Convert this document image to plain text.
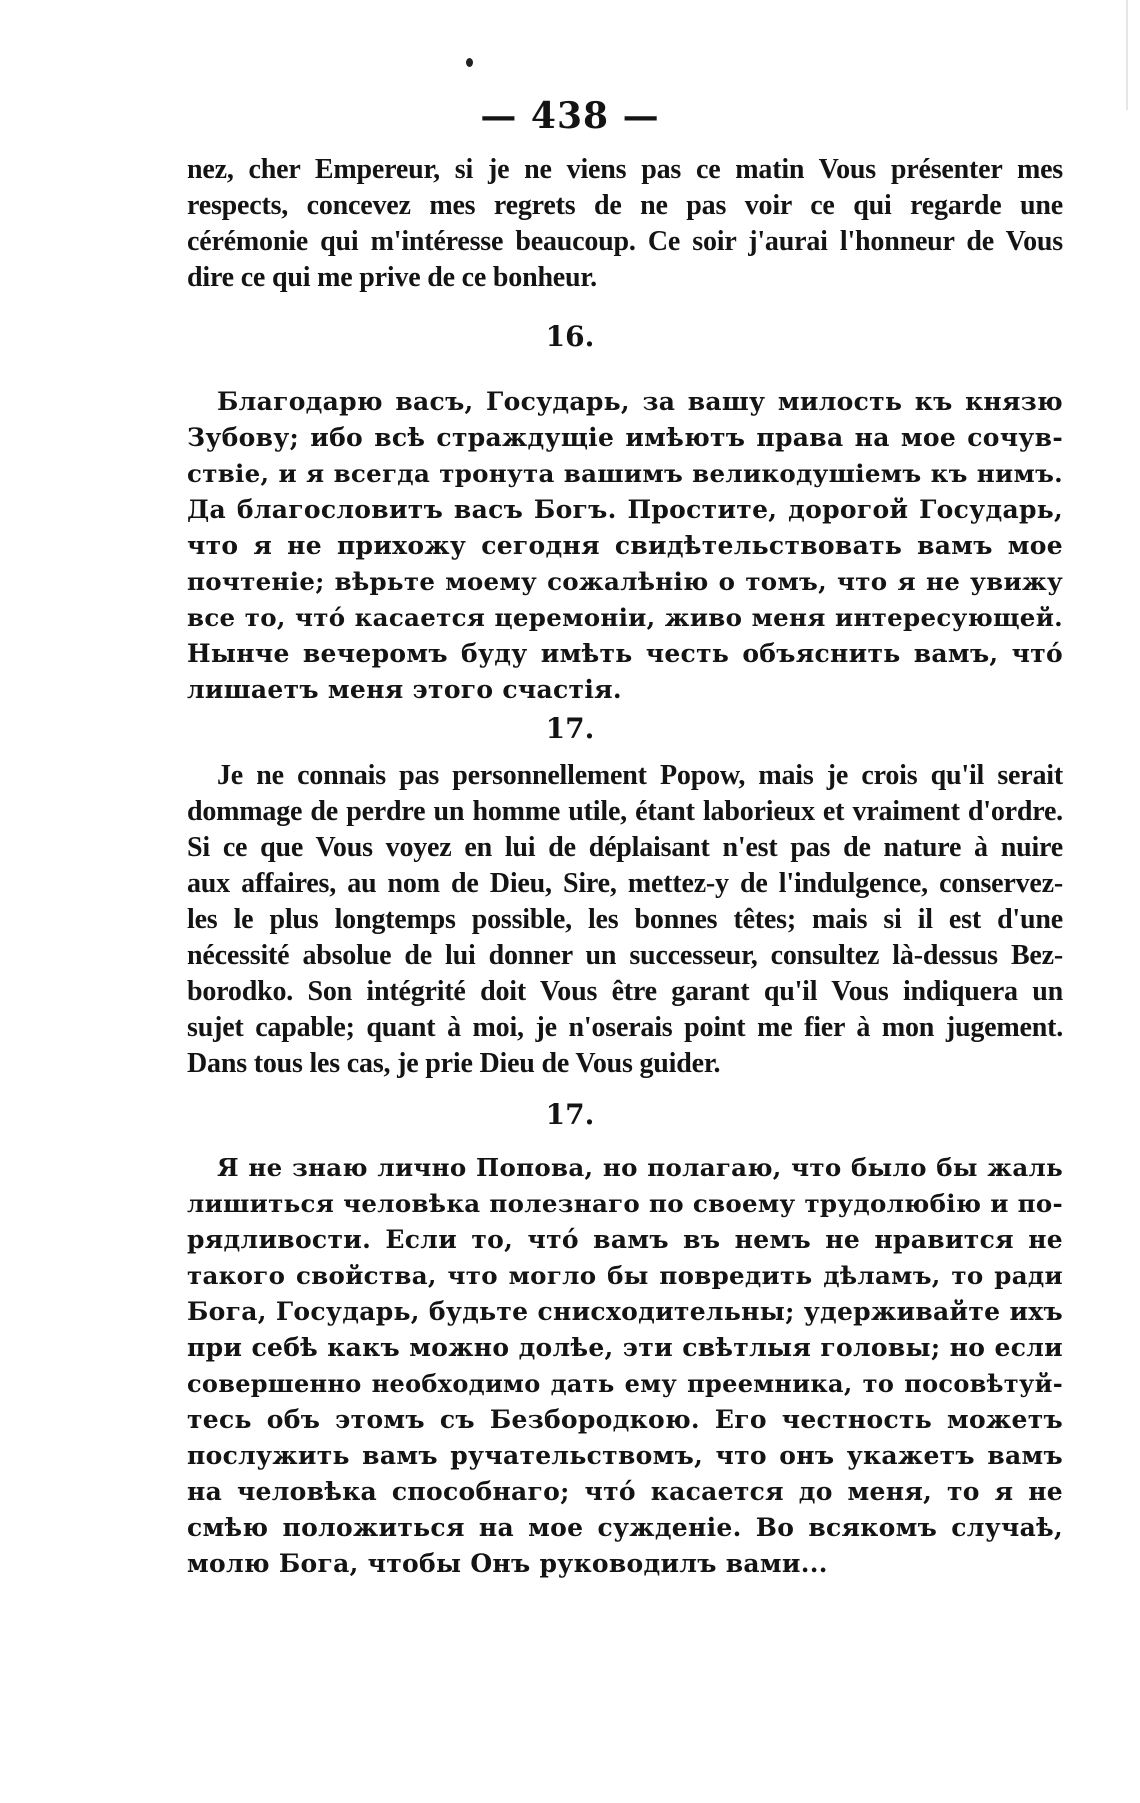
— 438 —
nez, cher Empereur, si je ne viens pas ce matin Vous présenter mes
respects, concevez mes regrets de ne pas voir ce qui regarde une
cérémonie qui m'intéresse beaucoup. Ce soir j'aurai l'honneur de Vous
dire ce qui me prive de ce bonheur.
16.
Благодарю васъ, Государь, за вашу милость къ князю
Зубову; ибо всѣ страждущіе имѣютъ права на мое сочув-
ствіе, и я всегда тронута вашимъ великодушіемъ къ нимъ.
Да благословитъ васъ Богъ. Простите, дорогой Государь,
что я не прихожу сегодня свидѣтельствовать вамъ мое
почтеніе; вѣрьте моему сожалѣнію о томъ, что я не увижу
все то, что́ касается церемоніи, живо меня интересующей.
Нынче вечеромъ буду имѣть честь объяснить вамъ, что́
лишаетъ меня этого счастія.
17.
Je ne connais pas personnellement Popow, mais je crois qu'il serait
dommage de perdre un homme utile, étant laborieux et vraiment d'ordre.
Si ce que Vous voyez en lui de déplaisant n'est pas de nature à nuire
aux affaires, au nom de Dieu, Sire, mettez-y de l'indulgence, conservez-
les le plus longtemps possible, les bonnes têtes; mais si il est d'une
nécessité absolue de lui donner un successeur, consultez là-dessus Bez-
borodko. Son intégrité doit Vous être garant qu'il Vous indiquera un
sujet capable; quant à moi, je n'oserais point me fier à mon jugement.
Dans tous les cas, je prie Dieu de Vous guider.
17.
Я не знаю лично Попова, но полагаю, что было бы жаль
лишиться человѣка полезнаго по своему трудолюбію и по-
рядливости. Если то, что́ вамъ въ немъ не нравится не
такого свойства, что могло бы повредить дѣламъ, то ради
Бога, Государь, будьте снисходительны; удерживайте ихъ
при себѣ какъ можно долѣе, эти свѣтлыя головы; но если
совершенно необходимо дать ему преемника, то посовѣтуй-
тесь объ этомъ съ Безбородкою. Его честность можетъ
послужить вамъ ручательствомъ, что онъ укажетъ вамъ
на человѣка способнаго; что́ касается до меня, то я не
смѣю положиться на мое сужденіе. Во всякомъ случаѣ,
молю Бога, чтобы Онъ руководилъ вами...
